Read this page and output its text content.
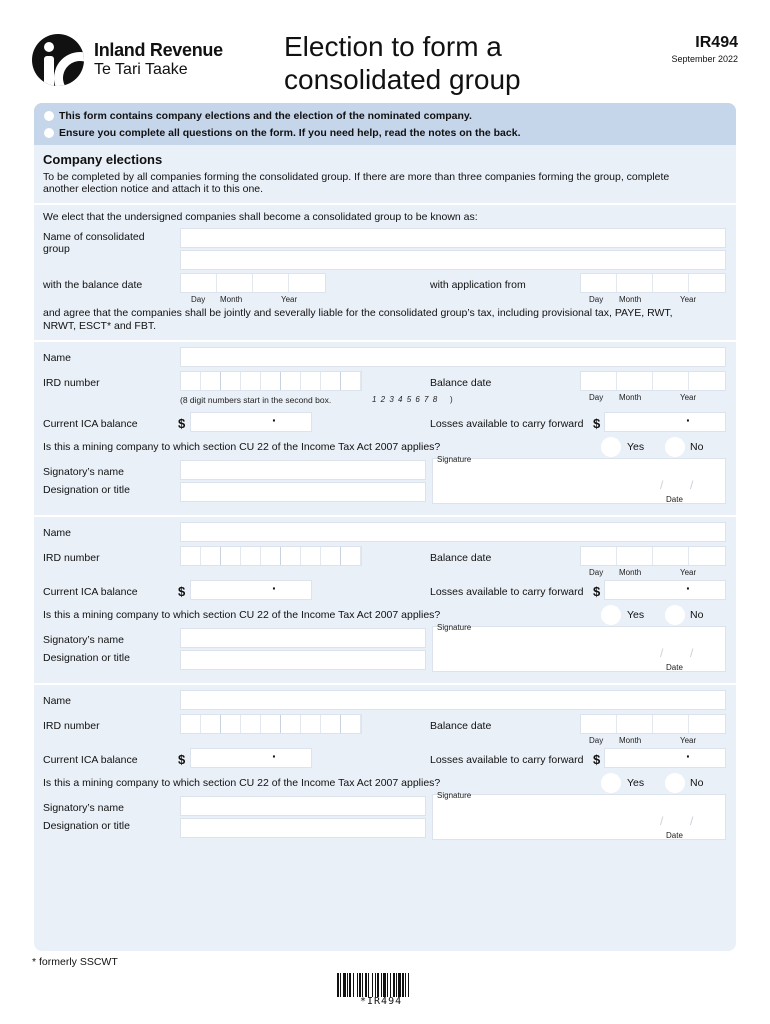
Inland Revenue
Te Tari Taake
Election to form a
consolidated group
IR494
September 2022
This form contains company elections and the election of the nominated company.
Ensure you complete all questions on the form. If you need help, read the notes on the back.
Company elections
To be completed by all companies forming the consolidated group. If there are more than three companies forming the group, complete
another election notice and attach it to this one.
We elect that the undersigned companies shall become a consolidated group to be known as:
Name of consolidated
group
with the balance date
Day Month	Year
with application from
Day Month	Year
and agree that the companies shall be jointly and severally liable for the consolidated group’s tax, including provisional tax, PAYE, RWT,
NRWT, ESCT* and FBT.
Name
IRD number
(8 digit numbers start in the second box.	1 2 3 4 5 6 7 8 )
Balance date
Day Month	Year
Current ICA balance	$	·	Losses available to carry forward $	·
Is this a mining company to which section CU 22 of the Income Tax Act 2007 applies?	Yes	No
Signature
/ /
Date
Signatory’s name
Designation or title
Name
IRD number	Balance date
Day Month	Year
Current ICA balance	$	·	Losses available to carry forward $	·
Is this a mining company to which section CU 22 of the Income Tax Act 2007 applies?	Yes	No
Signature
/ /
Date
Signatory’s name
Designation or title
Name
IRD number	Balance date
Day Month	Year
Current ICA balance	$	·	Losses available to carry forward $	·
Is this a mining company to which section CU 22 of the Income Tax Act 2007 applies?	Yes	No
Signature
/ /
Date
Signatory’s name
Designation or title
* formerly SSCWT
*IR494
